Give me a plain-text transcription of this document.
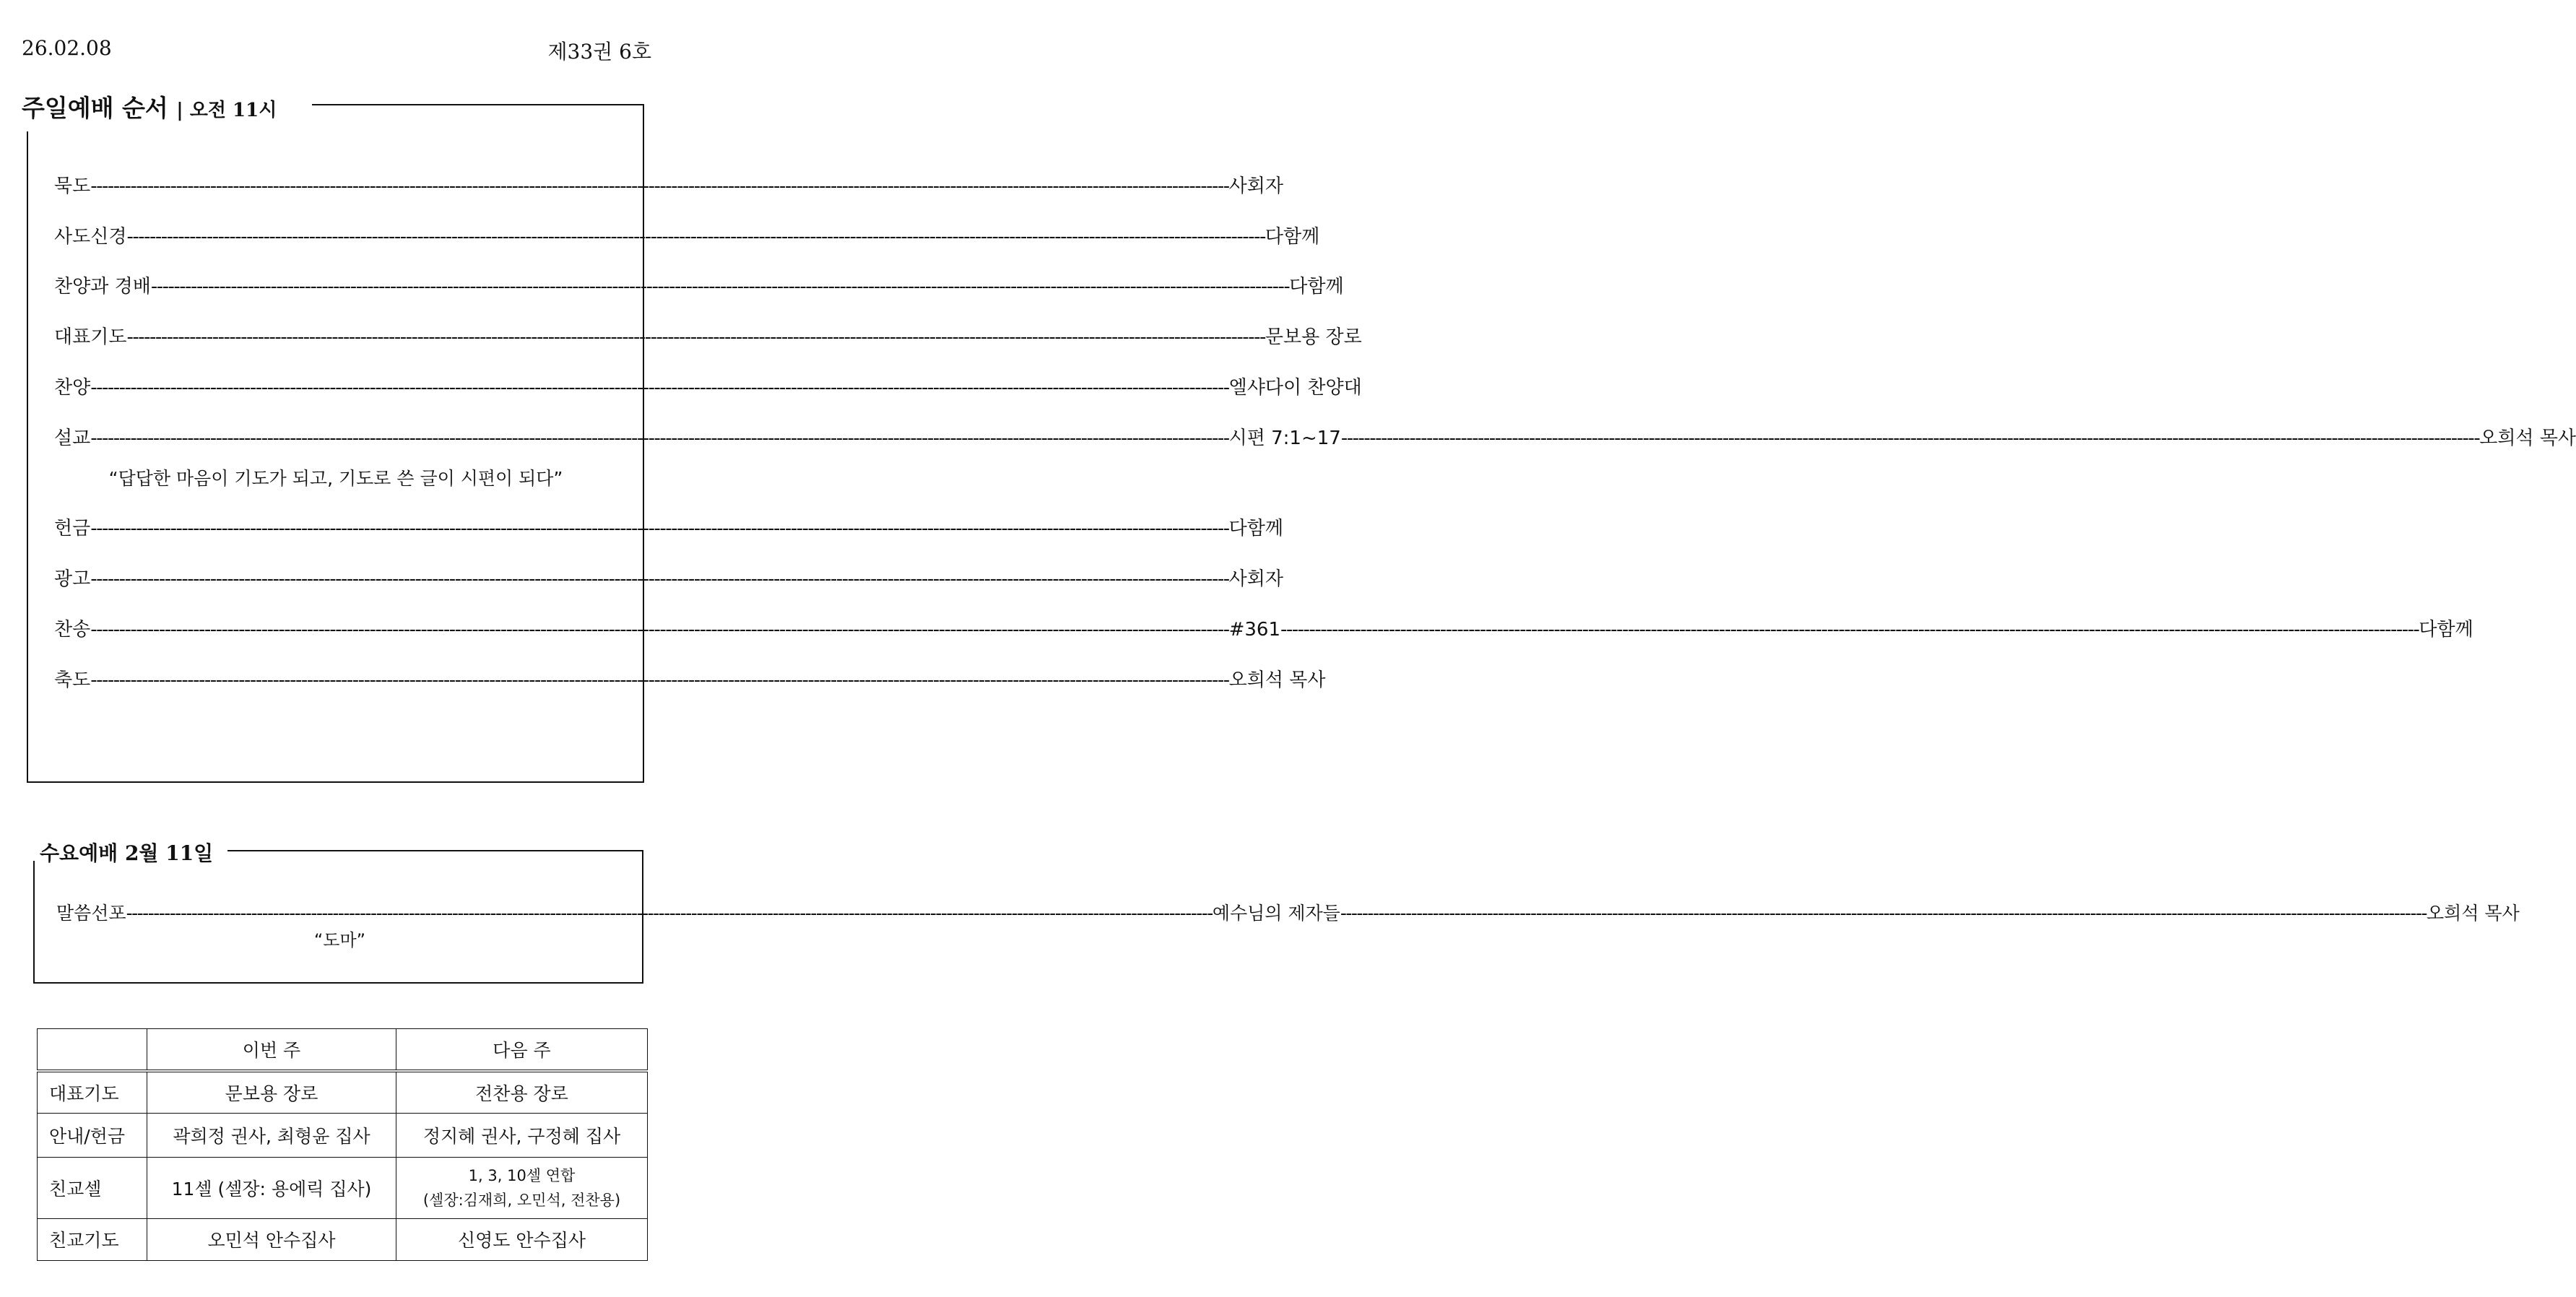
26.02.08	제33권 6호
주일예배 순서 | 오전 11시
묵도 -------------------------------------------------------------------------------------------------------------------------------------------------------------------------------------------------------- 사회자
사도신경 -------------------------------------------------------------------------------------------------------------------------------------------------------------------------------------------------------- 다함께
찬양과 경배 -------------------------------------------------------------------------------------------------------------------------------------------------------------------------------------------------------- 다함께
대표기도 -------------------------------------------------------------------------------------------------------------------------------------------------------------------------------------------------------- 문보용 장로
찬양 -------------------------------------------------------------------------------------------------------------------------------------------------------------------------------------------------------- 엘샤다이 찬양대
설교 -------------------------------------------------------------------------------------------------------------------------------------------------------------------------------------------------------- 시편 7:1~17 -------------------------------------------------------------------------------------------------------------------------------------------------------------------------------------------------------- 오희석 목사
“답답한 마음이 기도가 되고, 기도로 쓴 글이 시편이 되다”
헌금 -------------------------------------------------------------------------------------------------------------------------------------------------------------------------------------------------------- 다함께
광고 -------------------------------------------------------------------------------------------------------------------------------------------------------------------------------------------------------- 사회자
찬송 -------------------------------------------------------------------------------------------------------------------------------------------------------------------------------------------------------- #361 -------------------------------------------------------------------------------------------------------------------------------------------------------------------------------------------------------- 다함께
축도 -------------------------------------------------------------------------------------------------------------------------------------------------------------------------------------------------------- 오희석 목사
수요예배 2월 11일
말씀선포 -------------------------------------------------------------------------------------------------------------------------------------------------------------------------------------------------------- 예수님의 제자들 -------------------------------------------------------------------------------------------------------------------------------------------------------------------------------------------------------- 오희석 목사
“도마”
	이번 주	다음 주
대표기도	문보용 장로	전찬용 장로
안내/헌금	곽희정 권사, 최형윤 집사	정지혜 권사, 구정혜 집사
친교셀	11셀 (셀장: 용에릭 집사)	1, 3, 10셀 연합
(셀장:김재희, 오민석, 전찬용)

친교기도	오민석 안수집사	신영도 안수집사
